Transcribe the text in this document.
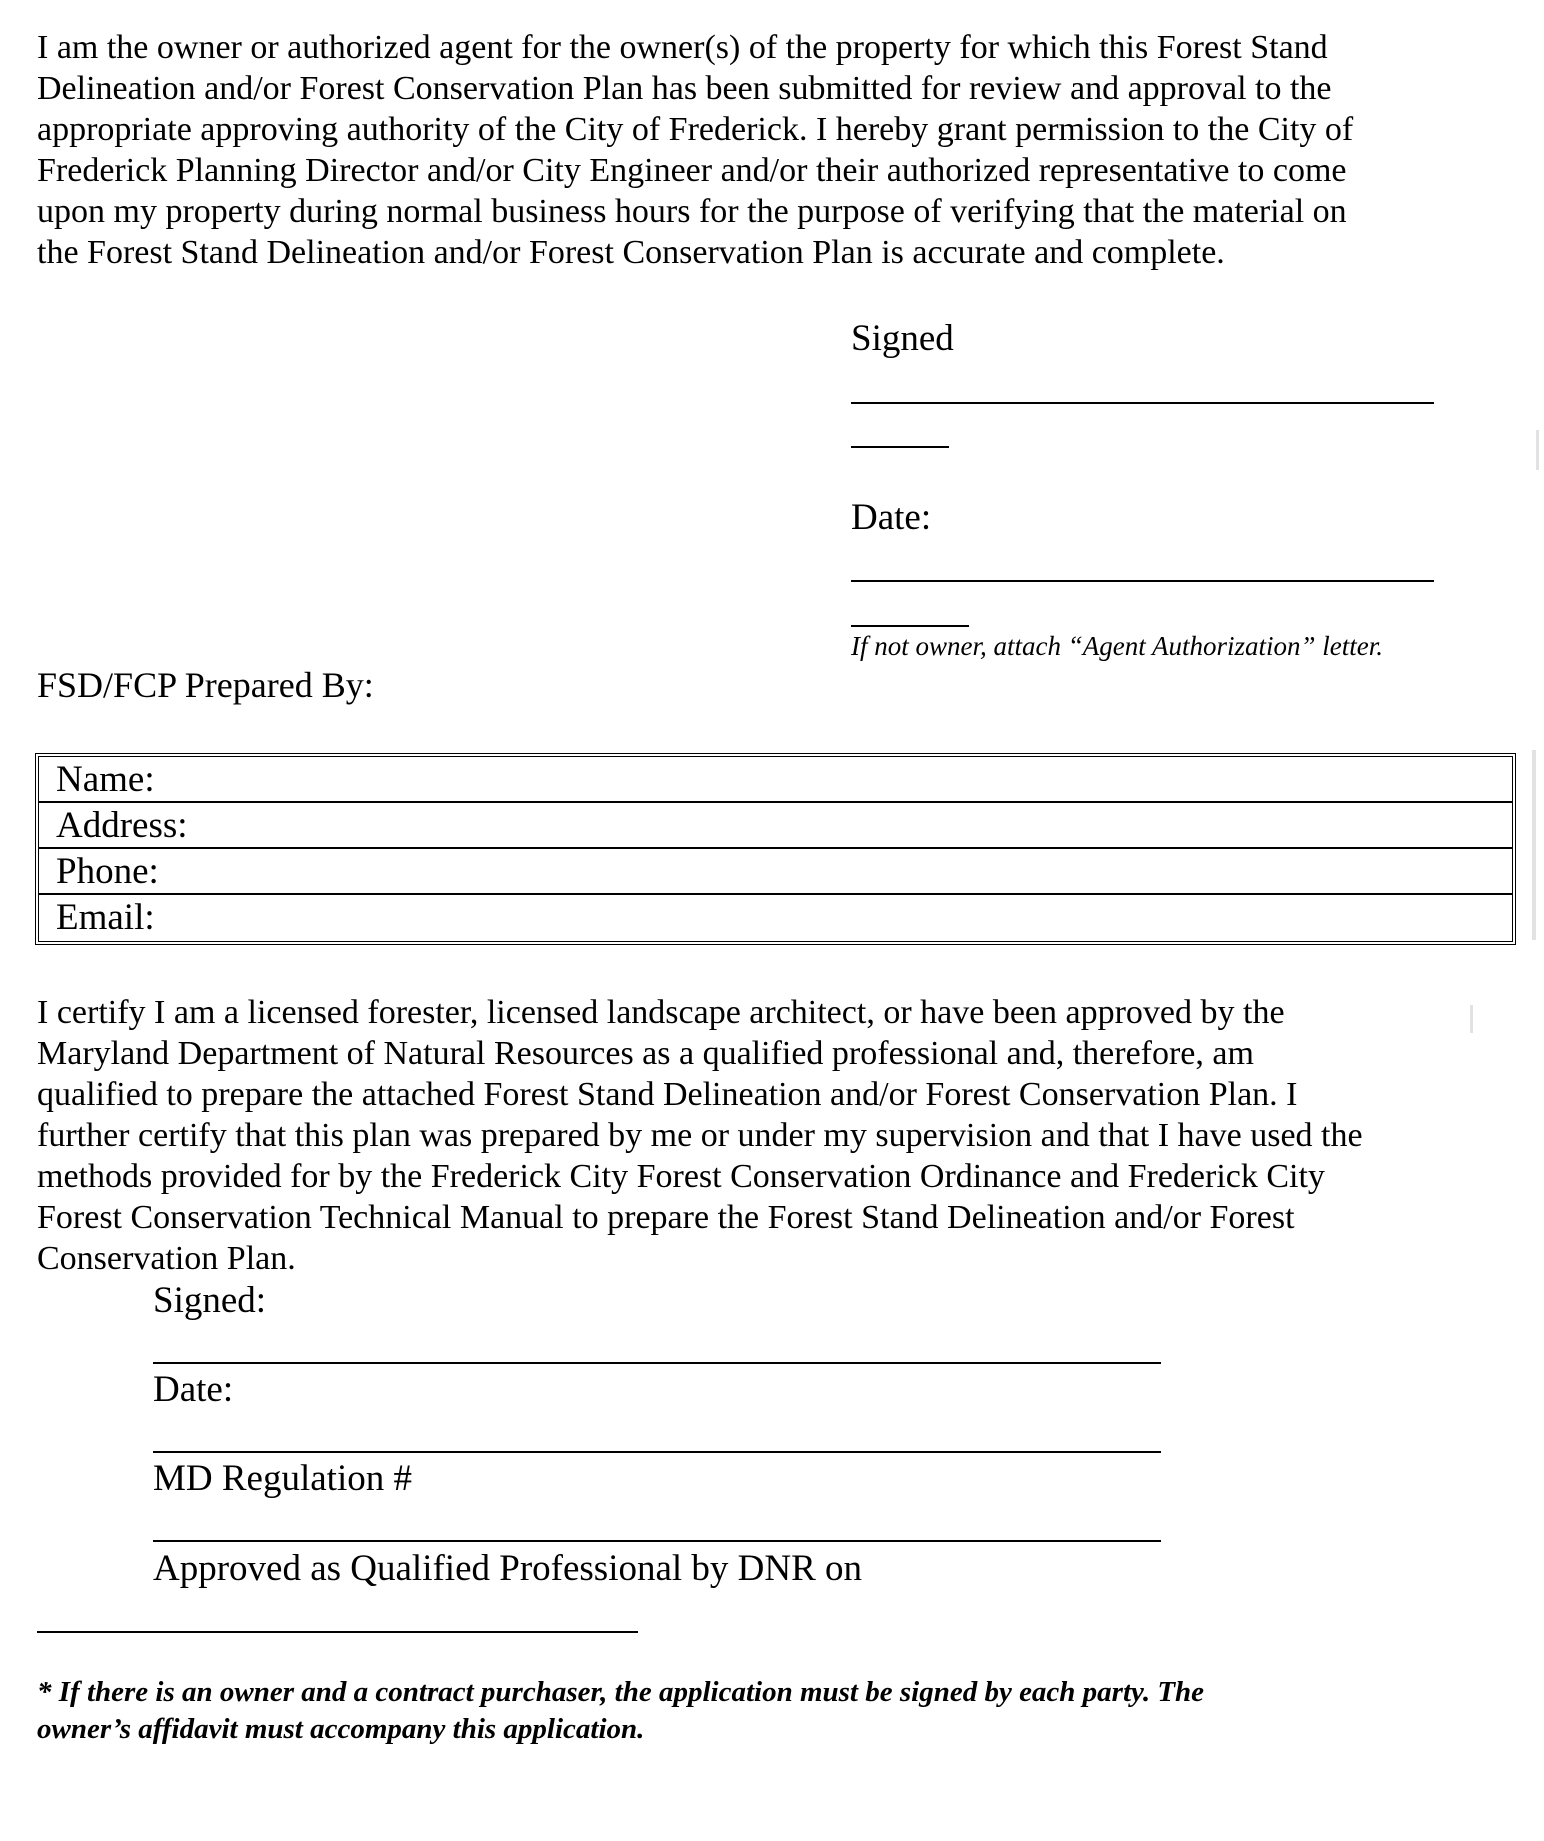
I am the owner or authorized agent for the owner(s) of the property for which this Forest Stand
Delineation and/or Forest Conservation Plan has been submitted for review and approval to the
appropriate approving authority of the City of Frederick. I hereby grant permission to the City of
Frederick Planning Director and/or City Engineer and/or their authorized representative to come
upon my property during normal business hours for the purpose of verifying that the material on
the Forest Stand Delineation and/or Forest Conservation Plan is accurate and complete.
Signed
Date:
If not owner, attach “Agent Authorization” letter.
FSD/FCP Prepared By:
Name:
Address:
Phone:
Email:
I certify I am a licensed forester, licensed landscape architect, or have been approved by the
Maryland Department of Natural Resources as a qualified professional and, therefore, am
qualified to prepare the attached Forest Stand Delineation and/or Forest Conservation Plan. I
further certify that this plan was prepared by me or under my supervision and that I have used the
methods provided for by the Frederick City Forest Conservation Ordinance and Frederick City
Forest Conservation Technical Manual to prepare the Forest Stand Delineation and/or Forest
Conservation Plan.
Signed:
Date:
MD Regulation #
Approved as Qualified Professional by DNR on
* If there is an owner and a contract purchaser, the application must be signed by each party. The
owner’s affidavit must accompany this application.
